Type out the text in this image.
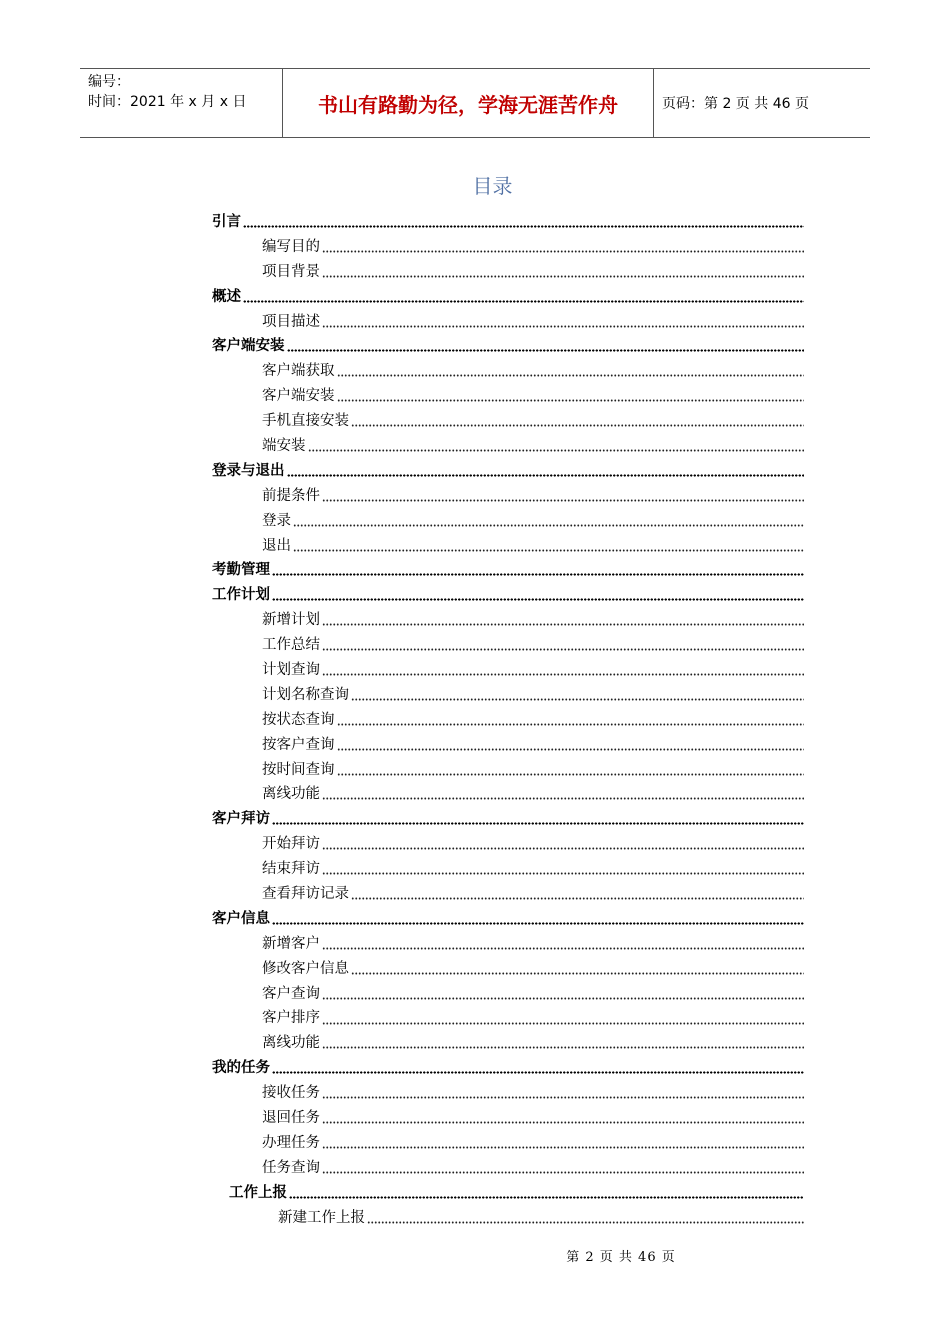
编号：
时间：2021 年 x 月 x 日	书山有路勤为径，学海无涯苦作舟	页码：第 2 页 共 46 页
目录
引言
编写目的
项目背景
概述
项目描述
客户端安装
客户端获取
客户端安装
手机直接安装
端安装
登录与退出
前提条件
登录
退出
考勤管理
工作计划
新增计划
工作总结
计划查询
计划名称查询
按状态查询
按客户查询
按时间查询
离线功能
客户拜访
开始拜访
结束拜访
查看拜访记录
客户信息
新增客户
修改客户信息
客户查询
客户排序
离线功能
我的任务
接收任务
退回任务
办理任务
任务查询
工作上报
新建工作上报
第 2 页 共 46 页
